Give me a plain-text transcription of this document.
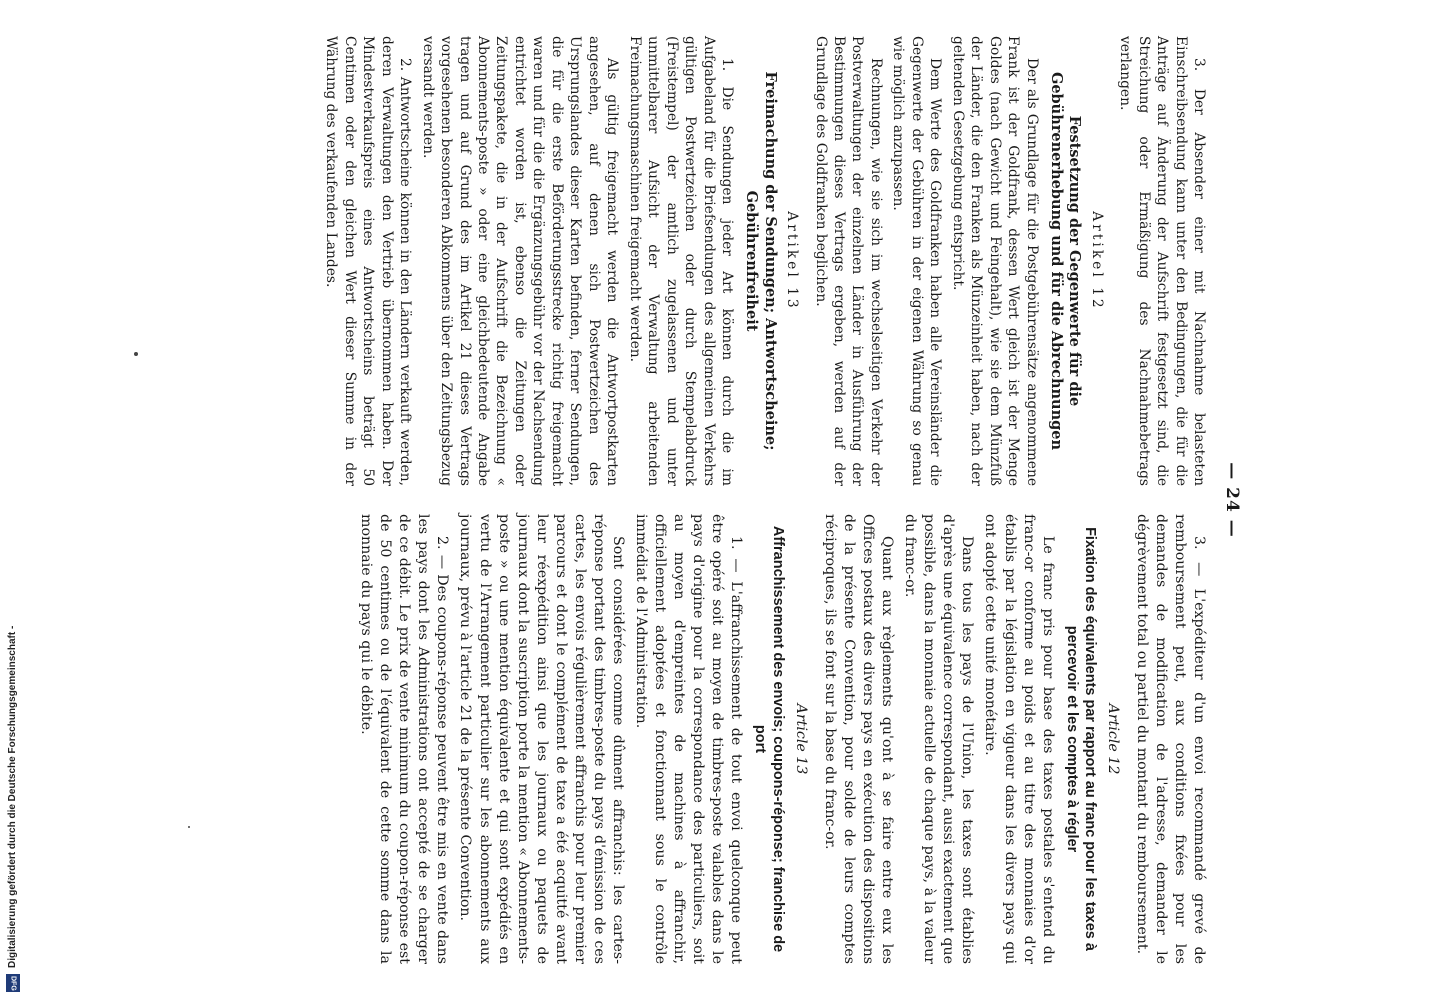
— 24 —

3. Der Absender einer mit Nachnahme belasteten Einschreibsendung kann unter den Bedingungen, die für die Anträge auf Änderung der Aufschrift festgesetzt sind, die Streichung oder Ermäßigung des Nachnahmebetrags verlangen.

Artikel 12
Festsetzung der Gegenwerte für die Gebührenerhebung und für die Abrechnungen

Der als Grundlage für die Postgebührensätze angenommene Frank ist der Goldfrank, dessen Wert gleich ist der Menge Goldes (nach Gewicht und Feingehalt), wie sie dem Münzfuß der Länder, die den Franken als Münzeinheit haben, nach der geltenden Gesetzgebung entspricht.

Dem Werte des Goldfranken haben alle Vereinsländer die Gegenwerte der Gebühren in der eigenen Währung so genau wie möglich anzupassen.

Rechnungen, wie sie sich im wechselseitigen Verkehr der Postverwaltungen der einzelnen Länder in Ausführung der Bestimmungen dieses Vertrags ergeben, werden auf der Grundlage des Goldfranken beglichen.

Artikel 13
Freimachung der Sendungen; Antwortscheine; Gebührenfreiheit

1. Die Sendungen jeder Art können durch die im Aufgabeland für die Briefsendungen des allgemeinen Verkehrs gültigen Postwertzeichen oder durch Stempelabdruck (Freistempel) der amtlich zugelassenen und unter unmittelbarer Aufsicht der Verwaltung arbeitenden Freimachungsmaschinen freigemacht werden.

Als gültig freigemacht werden die Antwortpostkarten angesehen, auf denen sich Postwertzeichen des Ursprungslandes dieser Karten befinden, ferner Sendungen, die für die erste Beförderungsstrecke richtig freigemacht waren und für die die Ergänzungsgebühr vor der Nachsendung entrichtet worden ist, ebenso die Zeitungen oder Zeitungspakete, die in der Aufschrift die Bezeichnung « Abonnements-poste » oder eine gleichbedeutende Angabe tragen und auf Grund des im Artikel 21 dieses Vertrags vorgesehenen besonderen Abkommens über den Zeitungsbezug versandt werden.

2. Antwortscheine können in den Ländern verkauft werden, deren Verwaltungen den Vertrieb übernommen haben. Der Mindestverkaufspreis eines Antwortscheins beträgt 50 Centimen oder den gleichen Wert dieser Summe in der Währung des verkaufenden Landes.

3. — L'expéditeur d'un envoi recommandé grevé de remboursement peut, aux conditions fixées pour les demandes de modification de l'adresse, demander le dégrèvement total ou partiel du montant du remboursement.

Article 12
Fixation des équivalents par rapport au franc pour les taxes à percevoir et les comptes à régler

Le franc pris pour base des taxes postales s'entend du franc-or conforme au poids et au titre des monnaies d'or établis par la législation en vigueur dans les divers pays qui ont adopté cette unité monétaire.

Dans tous les pays de l'Union, les taxes sont établies d'après une équivalence correspondant, aussi exactement que possible, dans la monnaie actuelle de chaque pays, à la valeur du franc-or.

Quant aux règlements qu'ont à se faire entre eux les Offices postaux des divers pays en exécution des dispositions de la présente Convention, pour solde de leurs comptes réciproques, ils se font sur la base du franc-or.

Article 13
Affranchissement des envois; coupons-réponse; franchise de port

1. — L'affranchissement de tout envoi quelconque peut être opéré soit au moyen de timbres-poste valables dans le pays d'origine pour la correspondance des particuliers, soit au moyen d'empreintes de machines à affranchir, officiellement adoptées et fonctionnant sous le contrôle immédiat de l'Administration.

Sont considérées comme dûment affranchis: les cartes-réponse portant des timbres-poste du pays d'émission de ces cartes, les envois régulièrement affranchis pour leur premier parcours et dont le complément de taxe a été acquitté avant leur réexpédition ainsi que les journaux ou paquets de journaux dont la suscription porte la mention « Abonnements-poste » ou une mention équivalente et qui sont expédiés en vertu de l'Arrangement particulier sur les abonnements aux journaux, prévu à l'article 21 de la présente Convention.

2. — Des coupons-réponse peuvent être mis en vente dans les pays dont les Administrations ont accepté de se charger de ce débit. Le prix de vente minimum du coupon-réponse est de 50 centimes ou de l'équivalent de cette somme dans la monnaie du pays qui le débite.

Digitalisierung gefördert durch die Deutsche Forschungsgemeinschaft -
DFG
